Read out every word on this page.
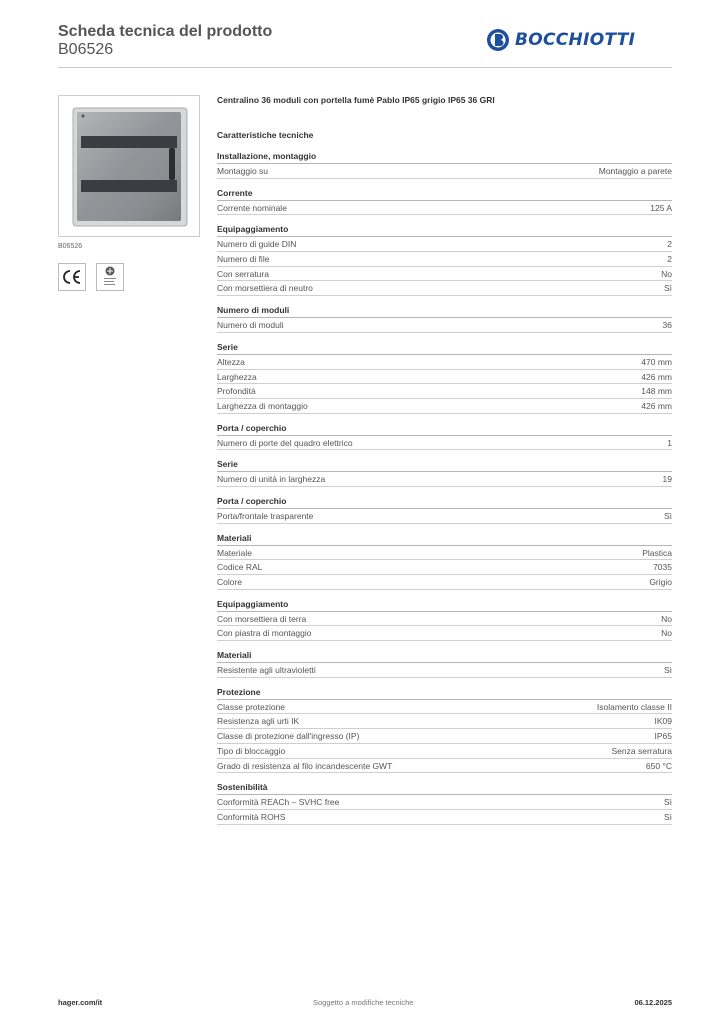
Scheda tecnica del prodotto
B06526	BOCCHIOTTI
B06526
Centralino 36 moduli con portella fumè Pablo IP65 grigio IP65 36 GRI
Caratteristiche tecniche
Installazione, montaggio
Montaggio su	Montaggio a parete
Corrente
Corrente nominale	125 A
Equipaggiamento
Numero di guide DIN	2
Numero di file	2
Con serratura	No
Con morsettiera di neutro	Sì
Numero di moduli
Numero di moduli	36
Serie
Altezza	470 mm
Larghezza	426 mm
Profondità	148 mm
Larghezza di montaggio	426 mm
Porta / coperchio
Numero di porte del quadro elettrico	1
Serie
Numero di unità in larghezza	19
Porta / coperchio
Porta/frontale trasparente	Sì
Materiali
Materiale	Plastica
Codice RAL	7035
Colore	Grigio
Equipaggiamento
Con morsettiera di terra	No
Con piastra di montaggio	No
Materiali
Resistente agli ultravioletti	Sì
Protezione
Classe protezione	Isolamento classe II
Resistenza agli urti IK	IK09
Classe di protezione dall'ingresso (IP)	IP65
Tipo di bloccaggio	Senza serratura
Grado di resistenza al filo incandescente GWT	650 °C
Sostenibilità
Conformità REACh – SVHC free	Sì
Conformità ROHS	Sì
hager.com/it	Soggetto a modifiche tecniche	06.12.2025
